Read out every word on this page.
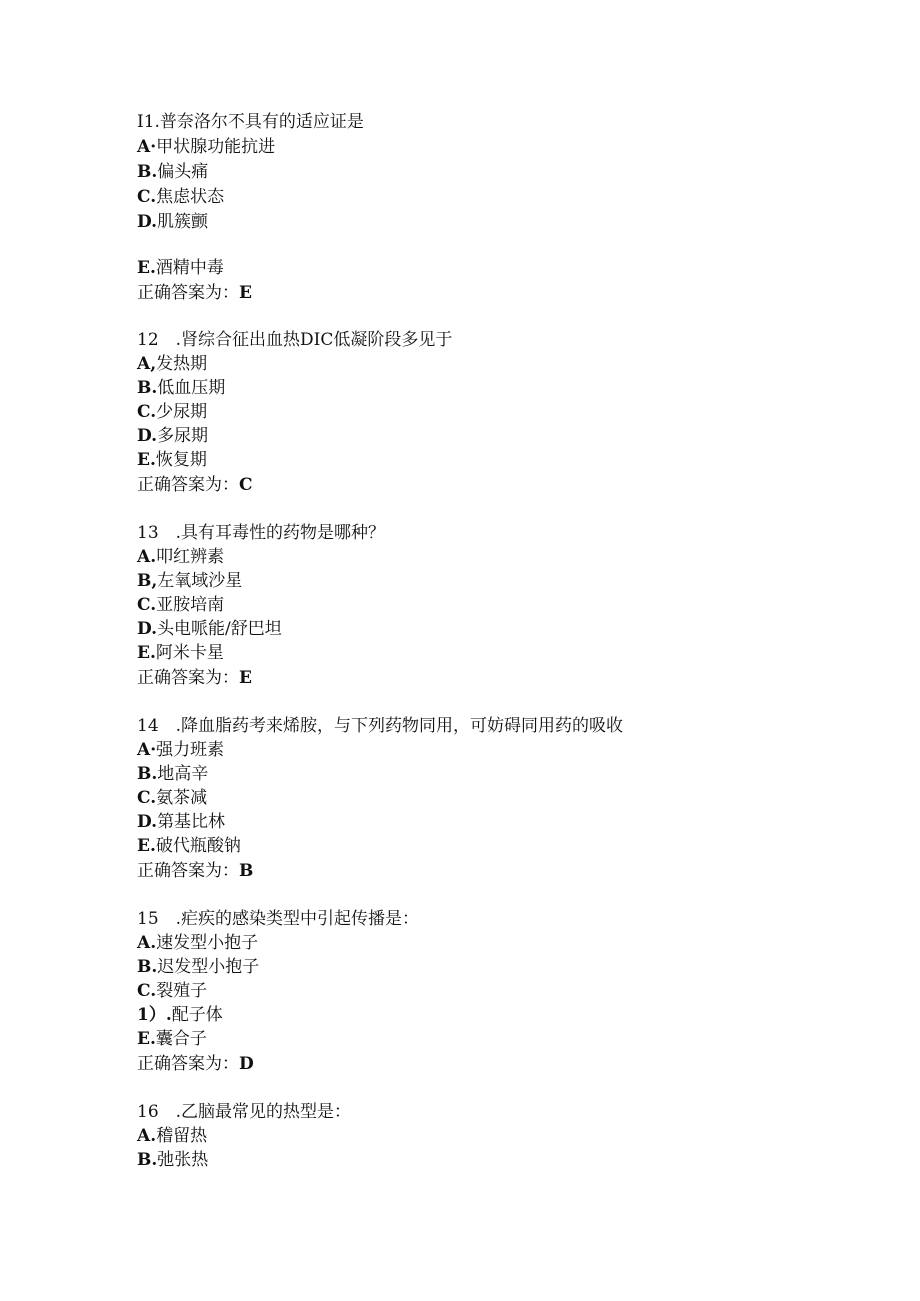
I1.普奈洛尔不具有的适应证是
A·甲状腺功能抗进
B.偏头痛
C.焦虑状态
D.肌簇颤
E.酒精中毒
正确答案为：E
12　.肾综合征出血热DIC低凝阶段多见于
A,发热期
B.低血压期
C.少尿期
D.多尿期
E.恢复期
正确答案为：C
13　.具有耳毒性的药物是哪种？
A.叩红辨素
B,左氧域沙星
C.亚胺培南
D.头电哌能/舒巴坦
E.阿米卡星
正确答案为：E
14　.降血脂药考来烯胺，与下列药物同用，可妨碍同用药的吸收
A·强力班素
B.地高辛
C.氨茶减
D.第基比林
E.破代瓶酸钠
正确答案为：B
15　.疟疾的感染类型中引起传播是：
A.速发型小抱子
B.迟发型小抱子
C.裂殖子
1）.配子体
E.囊合子
正确答案为：D
16　.乙脑最常见的热型是：
A.稽留热
B.弛张热
